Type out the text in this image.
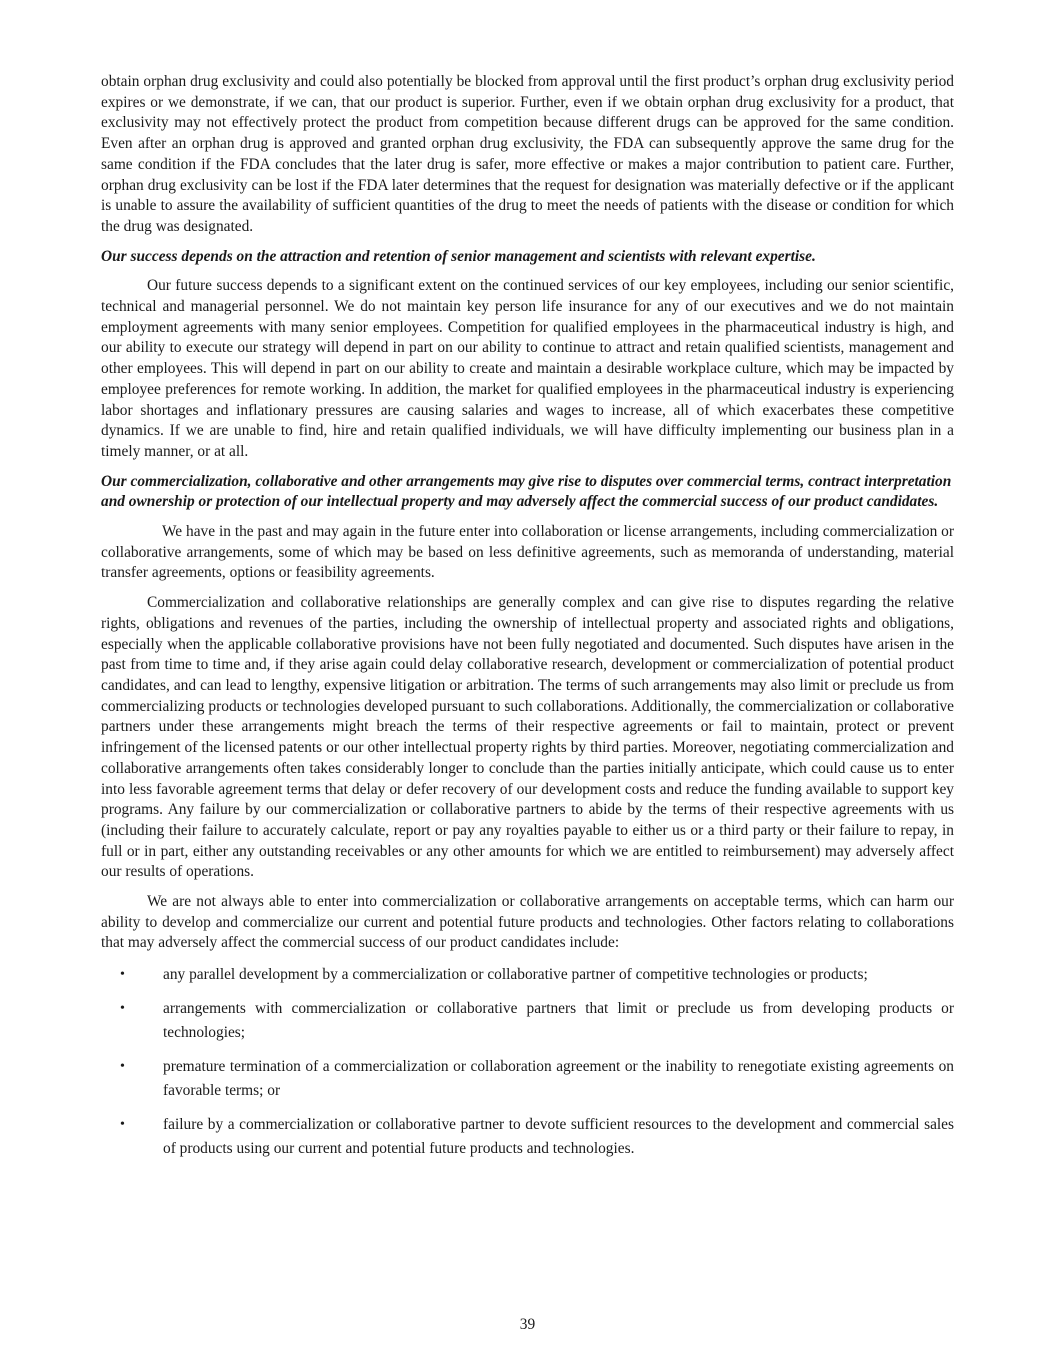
obtain orphan drug exclusivity and could also potentially be blocked from approval until the first product’s orphan drug exclusivity period expires or we demonstrate, if we can, that our product is superior. Further, even if we obtain orphan drug exclusivity for a product, that exclusivity may not effectively protect the product from competition because different drugs can be approved for the same condition. Even after an orphan drug is approved and granted orphan drug exclusivity, the FDA can subsequently approve the same drug for the same condition if the FDA concludes that the later drug is safer, more effective or makes a major contribution to patient care. Further, orphan drug exclusivity can be lost if the FDA later determines that the request for designation was materially defective or if the applicant is unable to assure the availability of sufficient quantities of the drug to meet the needs of patients with the disease or condition for which the drug was designated.

Our success depends on the attraction and retention of senior management and scientists with relevant expertise.

Our future success depends to a significant extent on the continued services of our key employees, including our senior scientific, technical and managerial personnel. We do not maintain key person life insurance for any of our executives and we do not maintain employment agreements with many senior employees. Competition for qualified employees in the pharmaceutical industry is high, and our ability to execute our strategy will depend in part on our ability to continue to attract and retain qualified scientists, management and other employees. This will depend in part on our ability to create and maintain a desirable workplace culture, which may be impacted by employee preferences for remote working. In addition, the market for qualified employees in the pharmaceutical industry is experiencing labor shortages and inflationary pressures are causing salaries and wages to increase, all of which exacerbates these competitive dynamics. If we are unable to find, hire and retain qualified individuals, we will have difficulty implementing our business plan in a timely manner, or at all.

Our commercialization, collaborative and other arrangements may give rise to disputes over commercial terms, contract interpretation and ownership or protection of our intellectual property and may adversely affect the commercial success of our product candidates.

We have in the past and may again in the future enter into collaboration or license arrangements, including commercialization or collaborative arrangements, some of which may be based on less definitive agreements, such as memoranda of understanding, material transfer agreements, options or feasibility agreements.

Commercialization and collaborative relationships are generally complex and can give rise to disputes regarding the relative rights, obligations and revenues of the parties, including the ownership of intellectual property and associated rights and obligations, especially when the applicable collaborative provisions have not been fully negotiated and documented. Such disputes have arisen in the past from time to time and, if they arise again could delay collaborative research, development or commercialization of potential product candidates, and can lead to lengthy, expensive litigation or arbitration. The terms of such arrangements may also limit or preclude us from commercializing products or technologies developed pursuant to such collaborations. Additionally, the commercialization or collaborative partners under these arrangements might breach the terms of their respective agreements or fail to maintain, protect or prevent infringement of the licensed patents or our other intellectual property rights by third parties. Moreover, negotiating commercialization and collaborative arrangements often takes considerably longer to conclude than the parties initially anticipate, which could cause us to enter into less favorable agreement terms that delay or defer recovery of our development costs and reduce the funding available to support key programs. Any failure by our commercialization or collaborative partners to abide by the terms of their respective agreements with us (including their failure to accurately calculate, report or pay any royalties payable to either us or a third party or their failure to repay, in full or in part, either any outstanding receivables or any other amounts for which we are entitled to reimbursement) may adversely affect our results of operations.

We are not always able to enter into commercialization or collaborative arrangements on acceptable terms, which can harm our ability to develop and commercialize our current and potential future products and technologies. Other factors relating to collaborations that may adversely affect the commercial success of our product candidates include:

• any parallel development by a commercialization or collaborative partner of competitive technologies or products;
• arrangements with commercialization or collaborative partners that limit or preclude us from developing products or technologies;
• premature termination of a commercialization or collaboration agreement or the inability to renegotiate existing agreements on favorable terms; or
• failure by a commercialization or collaborative partner to devote sufficient resources to the development and commercial sales of products using our current and potential future products and technologies.
39
